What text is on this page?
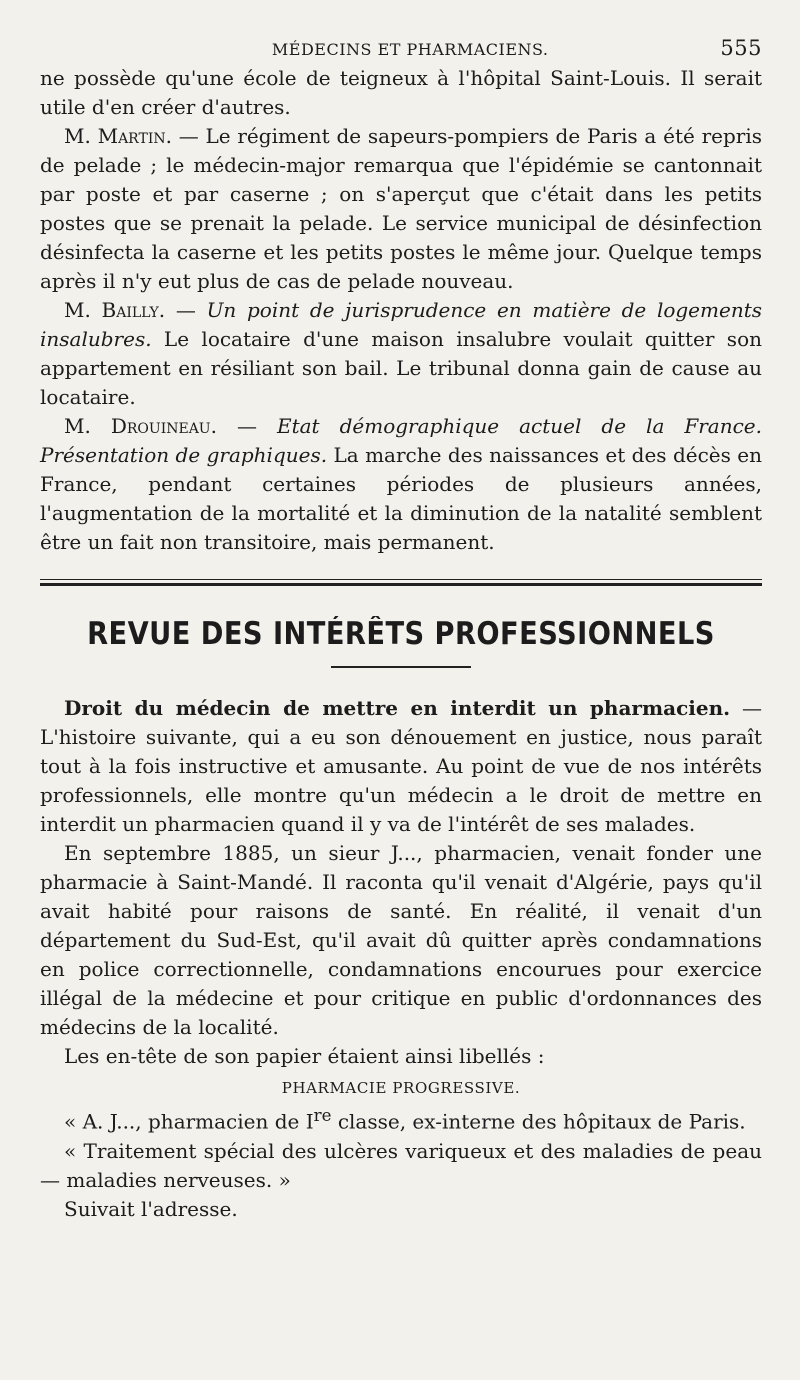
MÉDECINS ET PHARMACIENS.	555

ne possède qu'une école de teigneux à l'hôpital Saint-Louis. Il serait utile d'en créer d'autres.

M. Martin. — Le régiment de sapeurs-pompiers de Paris a été repris de pelade ; le médecin-major remarqua que l'épidémie se cantonnait par poste et par caserne ; on s'aperçut que c'était dans les petits postes que se prenait la pelade. Le service municipal de désinfection désinfecta la caserne et les petits postes le même jour. Quelque temps après il n'y eut plus de cas de pelade nouveau.

M. Bailly. — Un point de jurisprudence en matière de logements insalubres. Le locataire d'une maison insalubre voulait quitter son appartement en résiliant son bail. Le tribunal donna gain de cause au locataire.

M. Drouineau. — Etat démographique actuel de la France. Présentation de graphiques. La marche des naissances et des décès en France, pendant certaines périodes de plusieurs années, l'augmentation de la mortalité et la diminution de la natalité semblent être un fait non transitoire, mais permanent.

REVUE DES INTÉRÊTS PROFESSIONNELS

Droit du médecin de mettre en interdit un pharmacien. — L'histoire suivante, qui a eu son dénouement en justice, nous paraît tout à la fois instructive et amusante. Au point de vue de nos intérêts professionnels, elle montre qu'un médecin a le droit de mettre en interdit un pharmacien quand il y va de l'intérêt de ses malades.

En septembre 1885, un sieur J..., pharmacien, venait fonder une pharmacie à Saint-Mandé. Il raconta qu'il venait d'Algérie, pays qu'il avait habité pour raisons de santé. En réalité, il venait d'un département du Sud-Est, qu'il avait dû quitter après condamnations en police correctionnelle, condamnations encourues pour exercice illégal de la médecine et pour critique en public d'ordonnances des médecins de la localité.

Les en-tête de son papier étaient ainsi libellés :

PHARMACIE PROGRESSIVE.

« A. J..., pharmacien de Ire classe, ex-interne des hôpitaux de Paris.

« Traitement spécial des ulcères variqueux et des maladies de peau — maladies nerveuses. »

Suivait l'adresse.
